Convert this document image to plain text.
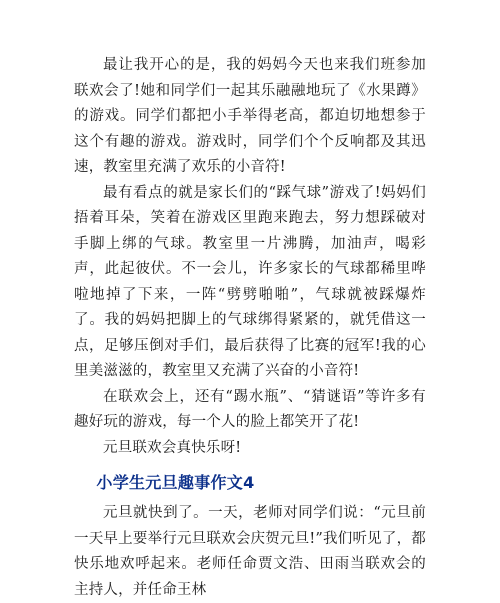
最让我开心的是，我的妈妈今天也来我们班参加联欢会了!她和同学们一起其乐融融地玩了《水果蹲》的游戏。同学们都把小手举得老高，都迫切地想参于这个有趣的游戏。游戏时，同学们个个反响都及其迅速，教室里充满了欢乐的小音符!

最有看点的就是家长们的“踩气球”游戏了!妈妈们捂着耳朵，笑着在游戏区里跑来跑去，努力想踩破对手脚上绑的气球。教室里一片沸腾，加油声，喝彩声，此起彼伏。不一会儿，许多家长的气球都稀里哗啦地掉了下来，一阵“劈劈啪啪”，气球就被踩爆炸了。我的妈妈把脚上的气球绑得紧紧的，就凭借这一点，足够压倒对手们，最后获得了比赛的冠军!我的心里美滋滋的，教室里又充满了兴奋的小音符!

在联欢会上，还有“踢水瓶”、“猜谜语”等许多有趣好玩的游戏，每一个人的脸上都笑开了花!

元旦联欢会真快乐呀!

小学生元旦趣事作文4

元旦就快到了。一天，老师对同学们说：“元旦前一天早上要举行元旦联欢会庆贺元旦!”我们听见了，都快乐地欢呼起来。老师任命贾文浩、田雨当联欢会的主持人，并任命王林
